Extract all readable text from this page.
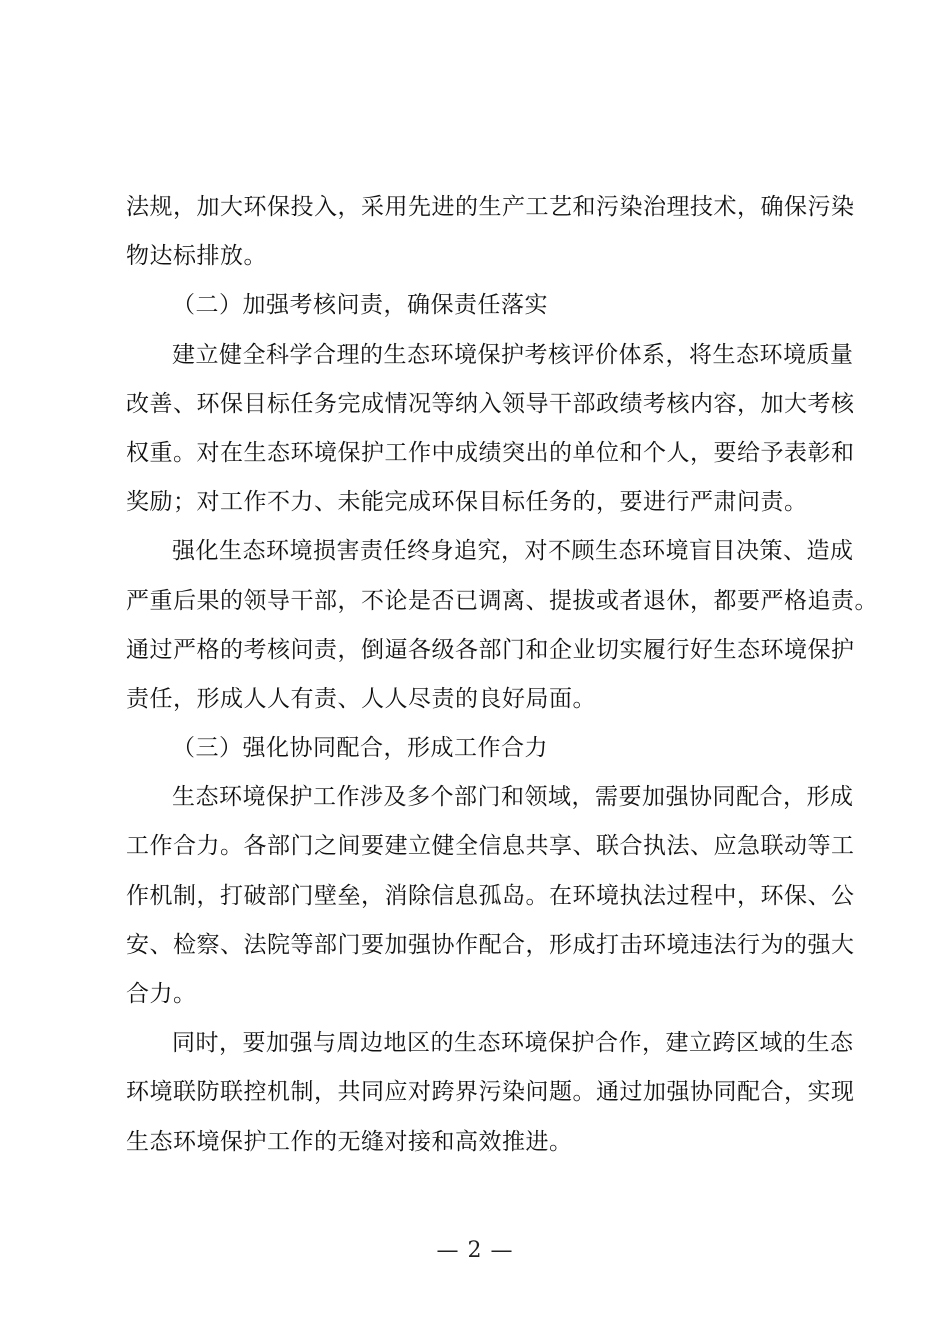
法规，加大环保投入，采用先进的生产工艺和污染治理技术，确保污染
物达标排放。
（二）加强考核问责，确保责任落实
建立健全科学合理的生态环境保护考核评价体系，将生态环境质量
改善、环保目标任务完成情况等纳入领导干部政绩考核内容，加大考核
权重。对在生态环境保护工作中成绩突出的单位和个人，要给予表彰和
奖励；对工作不力、未能完成环保目标任务的，要进行严肃问责。
强化生态环境损害责任终身追究，对不顾生态环境盲目决策、造成
严重后果的领导干部，不论是否已调离、提拔或者退休，都要严格追责。
通过严格的考核问责，倒逼各级各部门和企业切实履行好生态环境保护
责任，形成人人有责、人人尽责的良好局面。
（三）强化协同配合，形成工作合力
生态环境保护工作涉及多个部门和领域，需要加强协同配合，形成
工作合力。各部门之间要建立健全信息共享、联合执法、应急联动等工
作机制，打破部门壁垒，消除信息孤岛。在环境执法过程中，环保、公
安、检察、法院等部门要加强协作配合，形成打击环境违法行为的强大
合力。
同时，要加强与周边地区的生态环境保护合作，建立跨区域的生态
环境联防联控机制，共同应对跨界污染问题。通过加强协同配合，实现
生态环境保护工作的无缝对接和高效推进。
— 2 —
